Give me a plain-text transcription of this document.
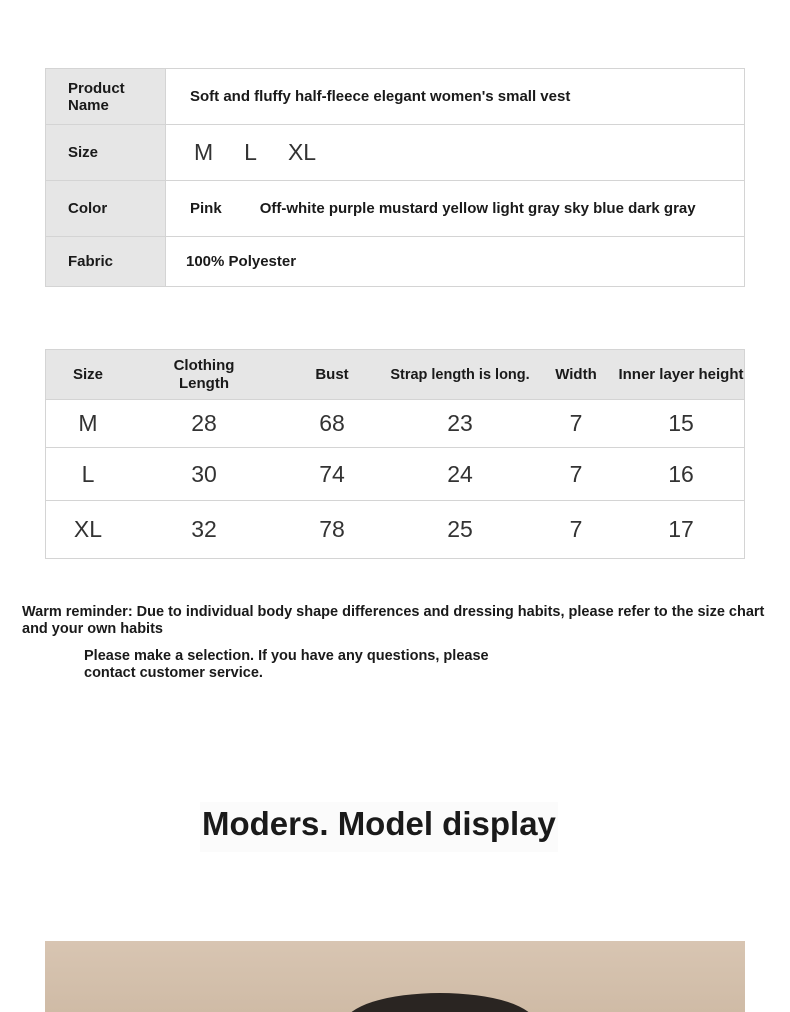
Product Name	Soft and fluffy half-fleece elegant women's small vest
Size	M L XL
Color	Pink Off-white purple mustard yellow light gray sky blue dark gray
Fabric	100% Polyester
Size	Clothing Length	Bust	Strap length is long.	Width	Inner layer height
M	28	68	23	7	15
L	30	74	24	7	16
XL	32	78	25	7	17
Warm reminder: Due to individual body shape differences and dressing habits, please refer to the size chart and your own habits
Please make a selection. If you have any questions, please contact customer service.
Moders. Model display
